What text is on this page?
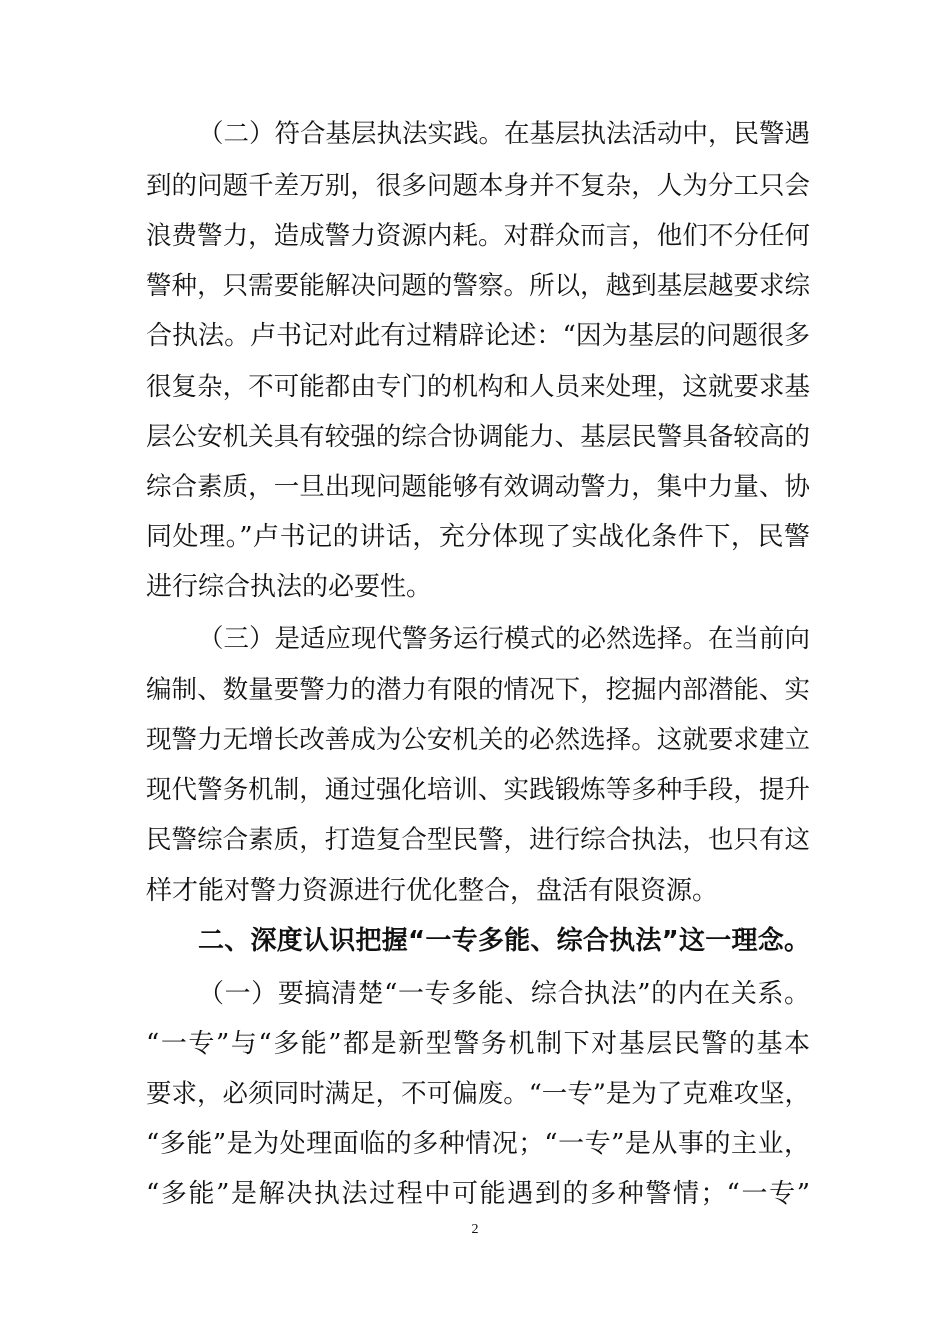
（二）符合基层执法实践。在基层执法活动中，民警遇
到的问题千差万别，很多问题本身并不复杂，人为分工只会
浪费警力，造成警力资源内耗。对群众而言，他们不分任何
警种，只需要能解决问题的警察。所以，越到基层越要求综
合执法。卢书记对此有过精辟论述：“因为基层的问题很多
很复杂，不可能都由专门的机构和人员来处理，这就要求基
层公安机关具有较强的综合协调能力、基层民警具备较高的
综合素质，一旦出现问题能够有效调动警力，集中力量、协
同处理。”卢书记的讲话，充分体现了实战化条件下，民警
进行综合执法的必要性。
（三）是适应现代警务运行模式的必然选择。在当前向
编制、数量要警力的潜力有限的情况下，挖掘内部潜能、实
现警力无增长改善成为公安机关的必然选择。这就要求建立
现代警务机制，通过强化培训、实践锻炼等多种手段，提升
民警综合素质，打造复合型民警，进行综合执法，也只有这
样才能对警力资源进行优化整合，盘活有限资源。
二、深度认识把握“一专多能、综合执法”这一理念。
（一）要搞清楚“一专多能、综合执法”的内在关系。
“一专”与“多能”都是新型警务机制下对基层民警的基本
要求，必须同时满足，不可偏废。“一专”是为了克难攻坚，
“多能”是为处理面临的多种情况；“一专”是从事的主业，
“多能”是解决执法过程中可能遇到的多种警情；“一专”
2
